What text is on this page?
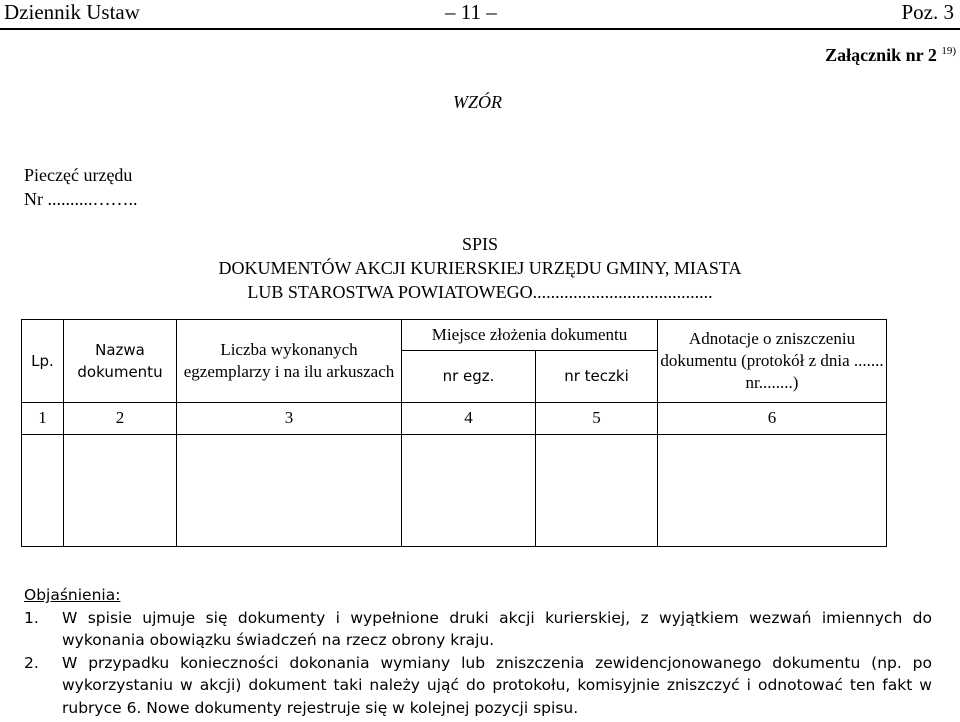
Dziennik Ustaw	– 11 –	Poz. 3
Załącznik nr 2 $^{19)}$
WZÓR
Pieczęć urzędu
Nr ..........……..
SPIS
DOKUMENTÓW AKCJI KURIERSKIEJ URZĘDU GMINY, MIASTA
LUB STAROSTWA POWIATOWEGO........................................
Lp.	Nazwa dokumentu	Liczba wykonanych egzemplarzy i na ilu arkuszach	Miejsce złożenia dokumentu		Adnotacje o zniszczeniu dokumentu (protokół z dnia ....... nr........)
			nr egz.	nr teczki	
1	2	3	4	5	6

Objaśnienia:
1.	W spisie ujmuje się dokumenty i wypełnione druki akcji kurierskiej, z wyjątkiem wezwań imiennych do wykonania obowiązku świadczeń na rzecz obrony kraju.
2.	W przypadku konieczności dokonania wymiany lub zniszczenia zewidencjonowanego dokumentu (np. po wykorzystaniu w akcji) dokument taki należy ująć do protokołu, komisyjnie zniszczyć i odnotować ten fakt w rubryce 6. Nowe dokumenty rejestruje się w kolejnej pozycji spisu.
